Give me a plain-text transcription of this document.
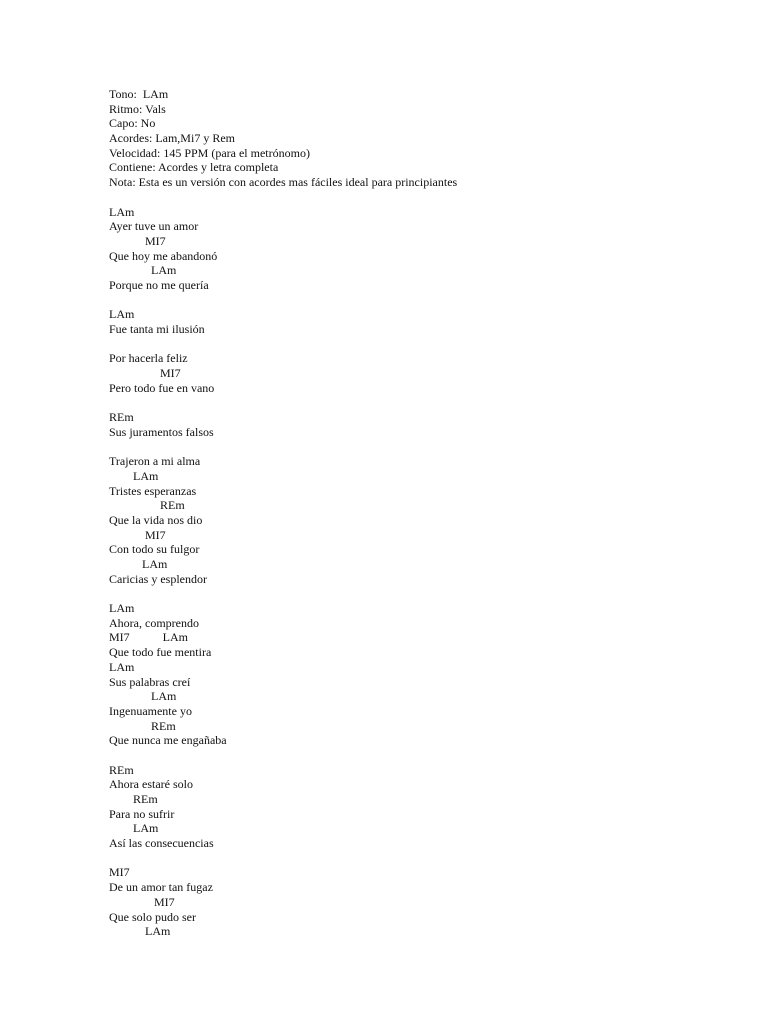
Tono:  LAm
Ritmo: Vals
Capo: No
Acordes: Lam,Mi7 y Rem
Velocidad: 145 PPM (para el metrónomo)
Contiene: Acordes y letra completa
Nota: Esta es un versión con acordes mas fáciles ideal para principiantes
LAm
Ayer tuve un amor
MI7
Que hoy me abandonó
LAm
Porque no me quería
LAm
Fue tanta mi ilusión
Por hacerla feliz
MI7
Pero todo fue en vano
REm
Sus juramentos falsos
Trajeron a mi alma
LAm
Tristes esperanzas
REm
Que la vida nos dio
MI7
Con todo su fulgor
LAm
Caricias y esplendor
LAm
Ahora, comprendo
MI7           LAm
Que todo fue mentira
LAm
Sus palabras creí
LAm
Ingenuamente yo
REm
Que nunca me engañaba
REm
Ahora estaré solo
REm
Para no sufrir
LAm
Así las consecuencias
MI7
De un amor tan fugaz
MI7
Que solo pudo ser
LAm
